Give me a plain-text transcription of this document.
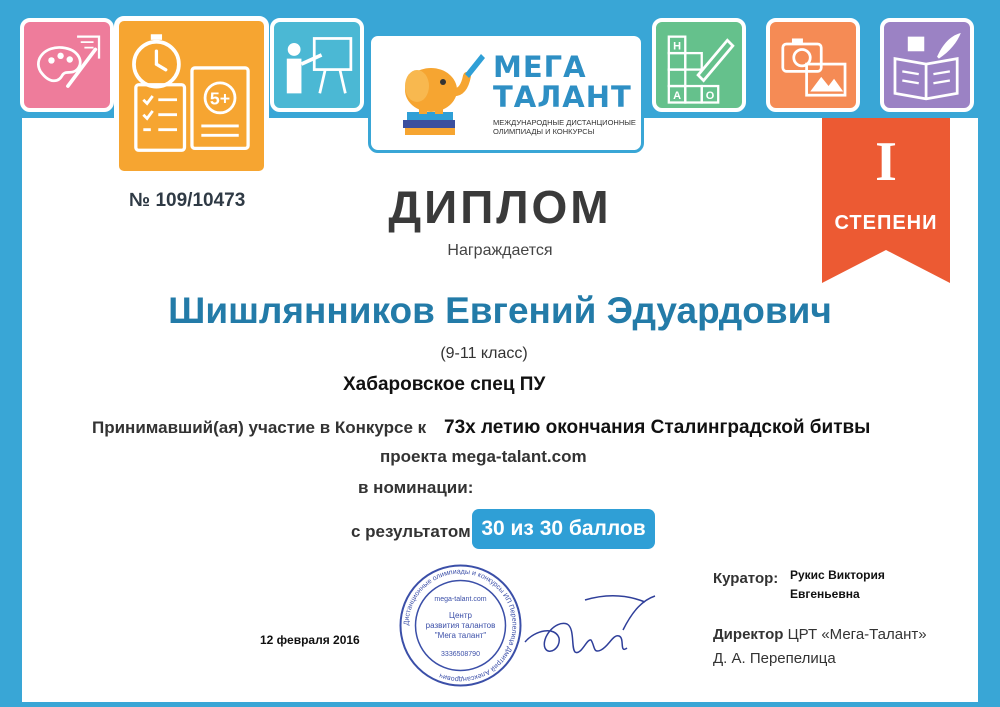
5+
Н
А О
МЕГА
ТАЛАНТ
МЕЖДУНАРОДНЫЕ ДИСТАНЦИОННЫЕ ОЛИМПИАДЫ И КОНКУРСЫ	I
СТЕПЕНИ
№ 109/10473	ДИПЛОМ
Награждается
Шишлянников Евгений Эдуардович
(9-11 класс)
Хабаровское спец ПУ
Принимавший(ая) участие в Конкурсе к 73х летию окончания Сталинградской битвы
проекта mega-talant.com
в номинации:
с результатом 30 из 30 баллов
12 февраля 2016
Куратор: Рукис Виктория
Евгеньевна
Директор ЦРТ «Мега-Талант»
Д. А. Перепелица
Дистанционные олимпиады и конкурсы ИП Перепелица Дмитрий Александрович
mega-talant.com
Центр
развития талантов
"Мега талант"
3336508790
